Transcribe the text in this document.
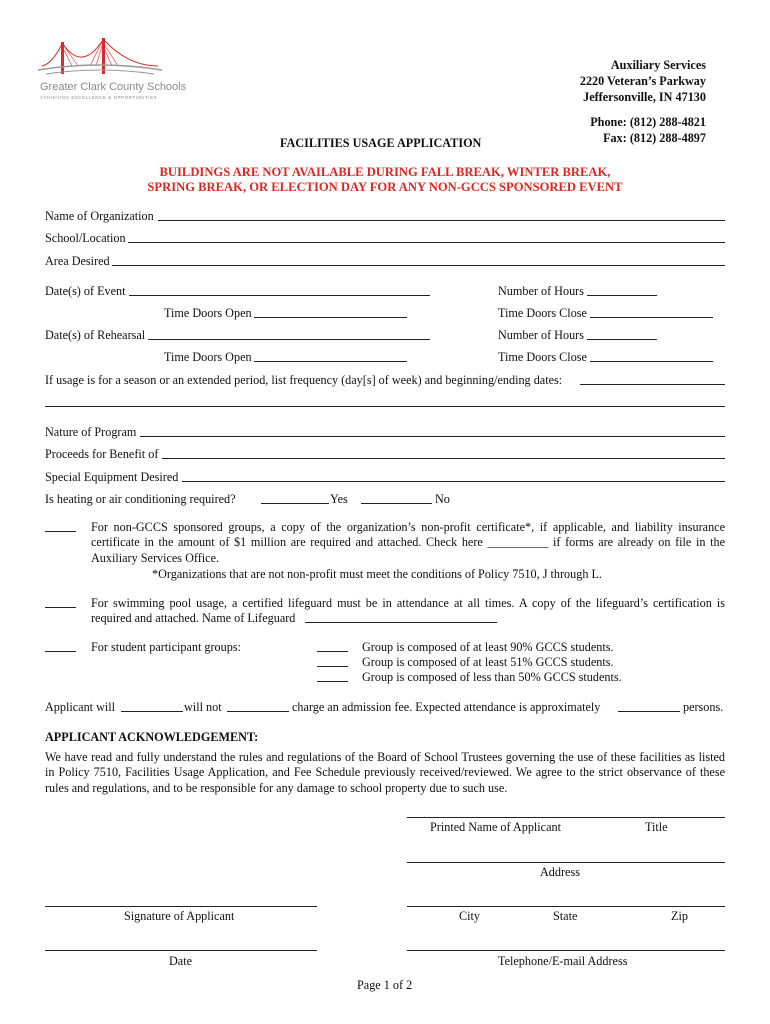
Greater Clark County Schools
ACHIEVING EXCELLENCE & OPPORTUNITIES
Auxiliary Services
2220 Veteran’s Parkway
Jeffersonville, IN 47130
Phone: (812) 288-4821
Fax: (812) 288-4897
FACILITIES USAGE APPLICATION
BUILDINGS ARE NOT AVAILABLE DURING FALL BREAK, WINTER BREAK,
SPRING BREAK, OR ELECTION DAY FOR ANY NON-GCCS SPONSORED EVENT
Name of Organization
School/Location
Area Desired
Date(s) of Event	Number of Hours
Time Doors Open	Time Doors Close
Date(s) of Rehearsal	Number of Hours
Time Doors Open	Time Doors Close
If usage is for a season or an extended period, list frequency (day[s] of week) and beginning/ending dates:
Nature of Program
Proceeds for Benefit of
Special Equipment Desired
Is heating or air conditioning required?	Yes	No
For non-GCCS sponsored groups, a copy of the organization’s non-profit certificate*, if applicable, and liability insurance certificate in the amount of $1 million are required and attached. Check here __________ if forms are already on file in the Auxiliary Services Office.
*Organizations that are not non-profit must meet the conditions of Policy 7510, J through L.
For swimming pool usage, a certified lifeguard must be in attendance at all times. A copy of the lifeguard’s certification is required and attached. Name of Lifeguard
For student participant groups:	Group is composed of at least 90% GCCS students.
Group is composed of at least 51% GCCS students.
Group is composed of less than 50% GCCS students.
Applicant will	will not	charge an admission fee. Expected attendance is approximately	persons.
APPLICANT ACKNOWLEDGEMENT:
We have read and fully understand the rules and regulations of the Board of School Trustees governing the use of these facilities as listed in Policy 7510, Facilities Usage Application, and Fee Schedule previously received/reviewed. We agree to the strict observance of these rules and regulations, and to be responsible for any damage to school property due to such use.
Printed Name of Applicant	Title
Address
Signature of Applicant	City	State	Zip
Date	Telephone/E-mail Address
Page 1 of 2
